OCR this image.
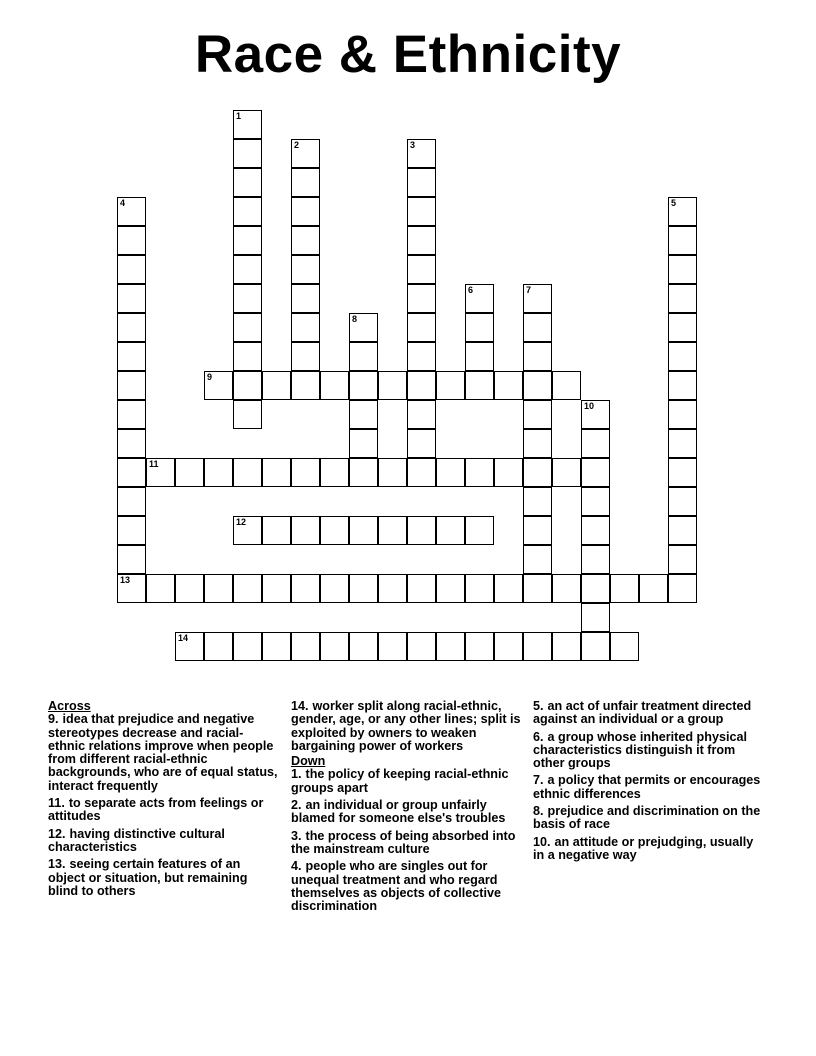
Race & Ethnicity
1
2	3
4	5
6	7
8
9
10
11
12
13
14
Across
9. idea that prejudice and negative stereotypes decrease and racial-ethnic relations improve when people from different racial-ethnic backgrounds, who are of equal status, interact frequently
11. to separate acts from feelings or attitudes
12. having distinctive cultural characteristics
13. seeing certain features of an object or situation, but remaining blind to others
14. worker split along racial-ethnic, gender, age, or any other lines; split is exploited by owners to weaken bargaining power of workers
Down
1. the policy of keeping racial-ethnic groups apart
2. an individual or group unfairly blamed for someone else's troubles
3. the process of being absorbed into the mainstream culture
4. people who are singles out for unequal treatment and who regard themselves as objects of collective discrimination
5. an act of unfair treatment directed against an individual or a group
6. a group whose inherited physical characteristics distinguish it from other groups
7. a policy that permits or encourages ethnic differences
8. prejudice and discrimination on the basis of race
10. an attitude or prejudging, usually in a negative way
